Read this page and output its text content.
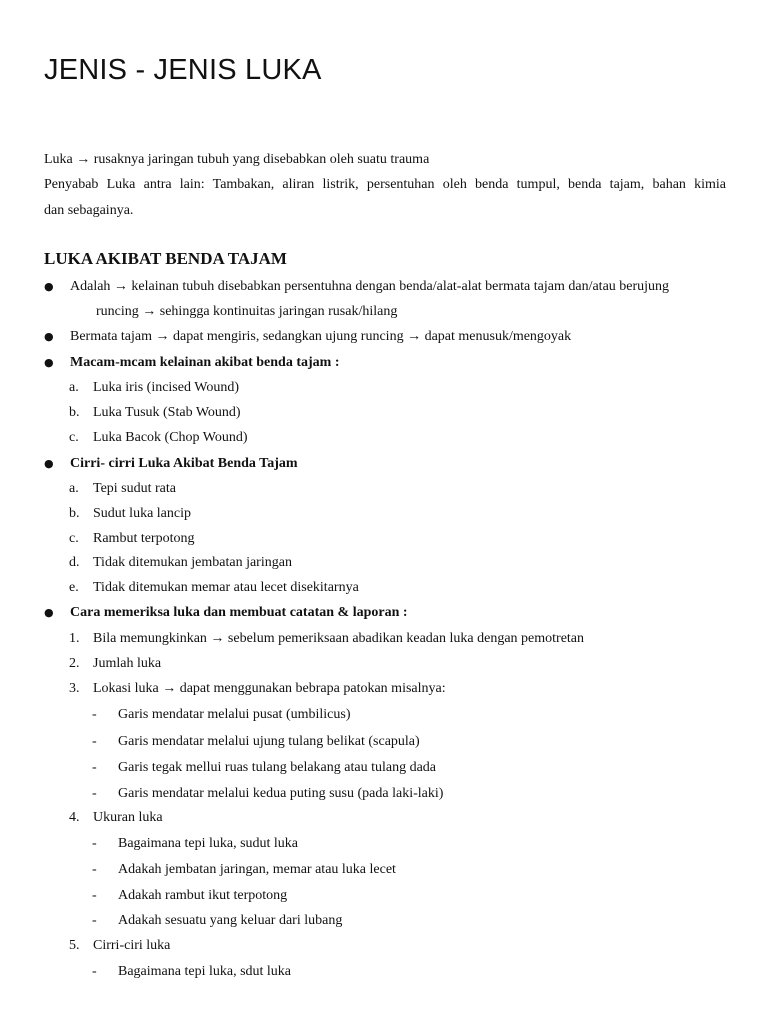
JENIS - JENIS LUKA
Luka → rusaknya jaringan tubuh yang disebabkan oleh suatu trauma
Penyabab Luka antra lain: Tambakan, aliran listrik, persentuhan oleh benda tumpul, benda tajam, bahan kimia
dan sebagainya.
LUKA AKIBAT BENDA TAJAM
● Adalah → kelainan tubuh disebabkan persentuhna dengan benda/alat-alat bermata tajam dan/atau berujung
runcing → sehingga kontinuitas jaringan rusak/hilang
● Bermata tajam → dapat mengiris, sedangkan ujung runcing → dapat menusuk/mengoyak
● Macam-mcam kelainan akibat benda tajam :
a. Luka iris (incised Wound)
b. Luka Tusuk (Stab Wound)
c. Luka Bacok (Chop Wound)
● Cirri- cirri Luka Akibat Benda Tajam
a. Tepi sudut rata
b. Sudut luka lancip
c. Rambut terpotong
d. Tidak ditemukan jembatan jaringan
e. Tidak ditemukan memar atau lecet disekitarnya
● Cara memeriksa luka dan membuat catatan & laporan :
1. Bila memungkinkan → sebelum pemeriksaan abadikan keadan luka dengan pemotretan
2. Jumlah luka
3. Lokasi luka → dapat menggunakan bebrapa patokan misalnya:
- Garis mendatar melalui pusat (umbilicus)
- Garis mendatar melalui ujung tulang belikat (scapula)
- Garis tegak mellui ruas tulang belakang atau tulang dada
- Garis mendatar melalui kedua puting susu (pada laki-laki)
4. Ukuran luka
- Bagaimana tepi luka, sudut luka
- Adakah jembatan jaringan, memar atau luka lecet
- Adakah rambut ikut terpotong
- Adakah sesuatu yang keluar dari lubang
5. Cirri-ciri luka
- Bagaimana tepi luka, sdut luka
